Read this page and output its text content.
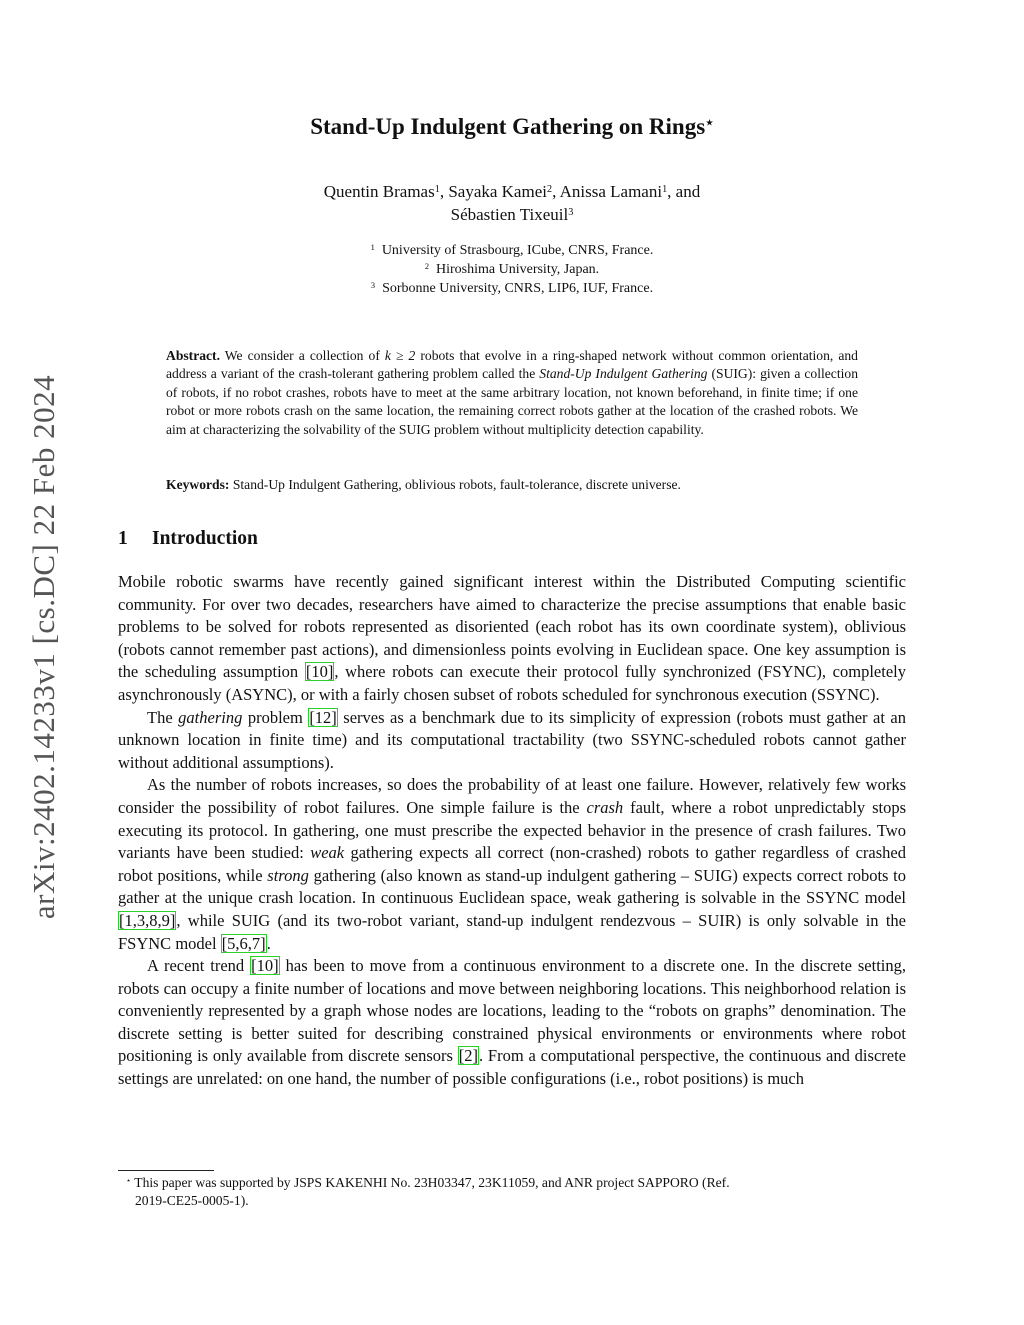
arXiv:2402.14233v1 [cs.DC] 22 Feb 2024
Stand-Up Indulgent Gathering on Rings⋆
Quentin Bramas$^1$, Sayaka Kamei$^2$, Anissa Lamani$^1$, and
Sébastien Tixeuil$^3$
$^1$ University of Strasbourg, ICube, CNRS, France.
$^2$ Hiroshima University, Japan.
$^3$ Sorbonne University, CNRS, LIP6, IUF, France.
Abstract. We consider a collection of k ≥ 2 robots that evolve in a ring-shaped network without common orientation, and address a variant of the crash-tolerant gathering problem called the Stand-Up Indulgent Gathering (SUIG): given a collection of robots, if no robot crashes, robots have to meet at the same arbitrary location, not known beforehand, in finite time; if one robot or more robots crash on the same location, the remaining correct robots gather at the location of the crashed robots. We aim at characterizing the solvability of the SUIG problem without multiplicity detection capability.
Keywords: Stand-Up Indulgent Gathering, oblivious robots, fault-tolerance, discrete universe.
1 Introduction

Mobile robotic swarms have recently gained significant interest within the Distributed Computing scientific community. For over two decades, researchers have aimed to characterize the precise assumptions that enable basic problems to be solved for robots represented as disoriented (each robot has its own coordinate system), oblivious (robots cannot remember past actions), and dimensionless points evolving in Euclidean space. One key assumption is the scheduling assumption [10], where robots can execute their protocol fully synchronized (FSYNC), completely asynchronously (ASYNC), or with a fairly chosen subset of robots scheduled for synchronous execution (SSYNC).

The gathering problem [12] serves as a benchmark due to its simplicity of expression (robots must gather at an unknown location in finite time) and its computational tractability (two SSYNC-scheduled robots cannot gather without additional assumptions).

As the number of robots increases, so does the probability of at least one failure. However, relatively few works consider the possibility of robot failures. One simple failure is the crash fault, where a robot unpredictably stops executing its protocol. In gathering, one must prescribe the expected behavior in the presence of crash failures. Two variants have been studied: weak gathering expects all correct (non-crashed) robots to gather regardless of crashed robot positions, while strong gathering (also known as stand-up indulgent gathering – SUIG) expects correct robots to gather at the unique crash location. In continuous Euclidean space, weak gathering is solvable in the SSYNC model [1,3,8,9], while SUIG (and its two-robot variant, stand-up indulgent rendezvous – SUIR) is only solvable in the FSYNC model [5,6,7].

A recent trend [10] has been to move from a continuous environment to a discrete one. In the discrete setting, robots can occupy a finite number of locations and move between neighboring locations. This neighborhood relation is conveniently represented by a graph whose nodes are locations, leading to the “robots on graphs” denomination. The discrete setting is better suited for describing constrained physical environments or environments where robot positioning is only available from discrete sensors [2]. From a computational perspective, the continuous and discrete settings are unrelated: on one hand, the number of possible configurations (i.e., robot positions) is much

⋆ This paper was supported by JSPS KAKENHI No. 23H03347, 23K11059, and ANR project SAPPORO (Ref.
2019-CE25-0005-1).
